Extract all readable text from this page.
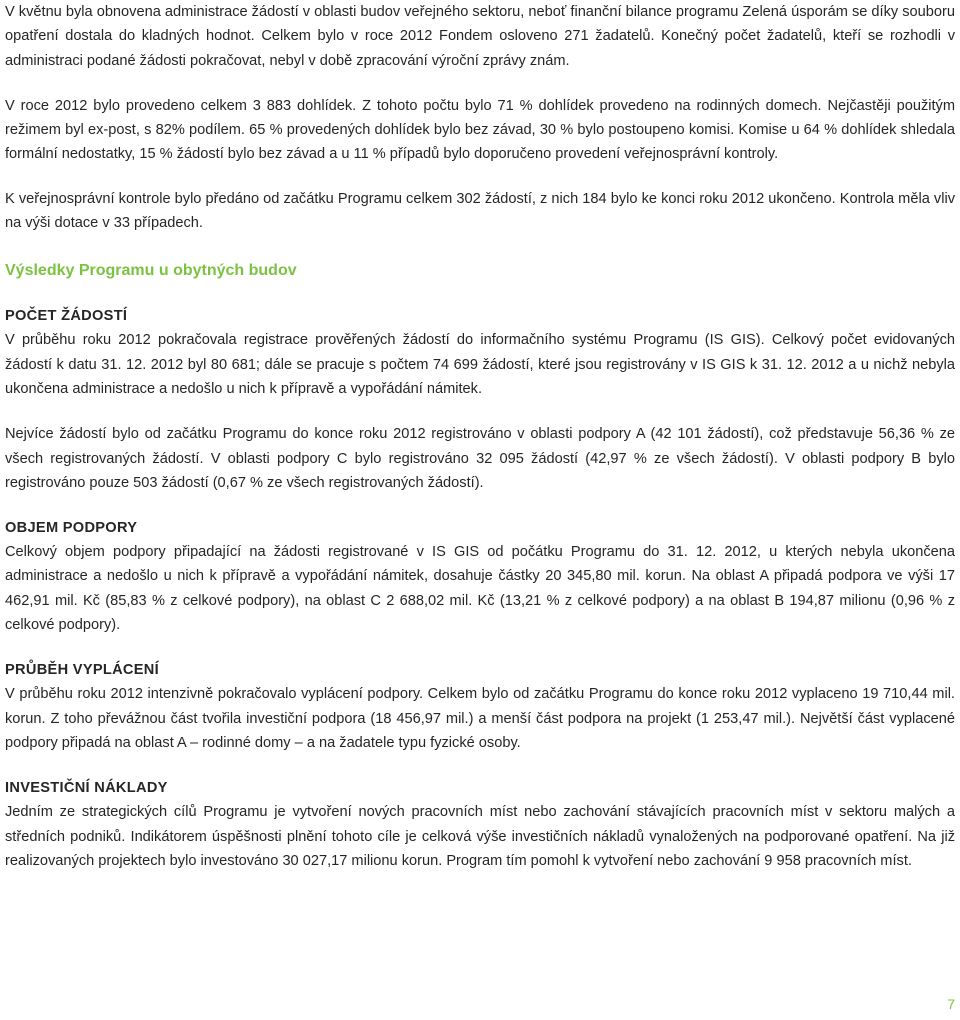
V květnu byla obnovena administrace žádostí v oblasti budov veřejného sektoru, neboť finanční bilance programu Zelená úsporám se díky souboru opatření dostala do kladných hodnot. Celkem bylo v roce 2012 Fondem osloveno 271 žadatelů. Konečný počet žadatelů, kteří se rozhodli v administraci podané žádosti pokračovat, nebyl v době zpracování výroční zprávy znám.

V roce 2012 bylo provedeno celkem 3 883 dohlídek. Z tohoto počtu bylo 71 % dohlídek provedeno na rodinných domech. Nejčastěji použitým režimem byl ex-post, s 82% podílem. 65 % provedených dohlídek bylo bez závad, 30 % bylo postoupeno komisi. Komise u 64 % dohlídek shledala formální nedostatky, 15 % žádostí bylo bez závad a u 11 % případů bylo doporučeno provedení veřejnosprávní kontroly.

K veřejnosprávní kontrole bylo předáno od začátku Programu celkem 302 žádostí, z nich 184 bylo ke konci roku 2012 ukončeno. Kontrola měla vliv na výši dotace v 33 případech.

Výsledky Programu u obytných budov
POČET ŽÁDOSTÍ

V průběhu roku 2012 pokračovala registrace prověřených žádostí do informačního systému Programu (IS GIS). Celkový počet evidovaných žádostí k datu 31. 12. 2012 byl 80 681; dále se pracuje s počtem 74 699 žádostí, které jsou registrovány v IS GIS k 31. 12. 2012 a u nichž nebyla ukončena administrace a nedošlo u nich k přípravě a vypořádání námitek.

Nejvíce žádostí bylo od začátku Programu do konce roku 2012 registrováno v oblasti podpory A (42 101 žádostí), což představuje 56,36 % ze všech registrovaných žádostí. V oblasti podpory C bylo registrováno 32 095 žádostí (42,97 % ze všech žádostí). V oblasti podpory B bylo registrováno pouze 503 žádostí (0,67 % ze všech registrovaných žádostí).

OBJEM PODPORY

Celkový objem podpory připadající na žádosti registrované v IS GIS od počátku Programu do 31. 12. 2012, u kterých nebyla ukončena administrace a nedošlo u nich k přípravě a vypořádání námitek, dosahuje částky 20 345,80 mil. korun. Na oblast A připadá podpora ve výši 17 462,91 mil. Kč (85,83 % z celkové podpory), na oblast C 2 688,02 mil. Kč (13,21 % z celkové podpory) a na oblast B 194,87 milionu (0,96 % z celkové podpory).

PRŮBĚH VYPLÁCENÍ

V průběhu roku 2012 intenzivně pokračovalo vyplácení podpory. Celkem bylo od začátku Programu do konce roku 2012 vyplaceno 19 710,44 mil. korun. Z toho převážnou část tvořila investiční podpora (18 456,97 mil.) a menší část podpora na projekt (1 253,47 mil.). Největší část vyplacené podpory připadá na oblast A – rodinné domy – a na žadatele typu fyzické osoby.

INVESTIČNÍ NÁKLADY

Jedním ze strategických cílů Programu je vytvoření nových pracovních míst nebo zachování stávajících pracovních míst v sektoru malých a středních podniků. Indikátorem úspěšnosti plnění tohoto cíle je celková výše investičních nákladů vynaložených na podporované opatření. Na již realizovaných projektech bylo investováno 30 027,17 milionu korun. Program tím pomohl k vytvoření nebo zachování 9 958 pracovních míst.

7
